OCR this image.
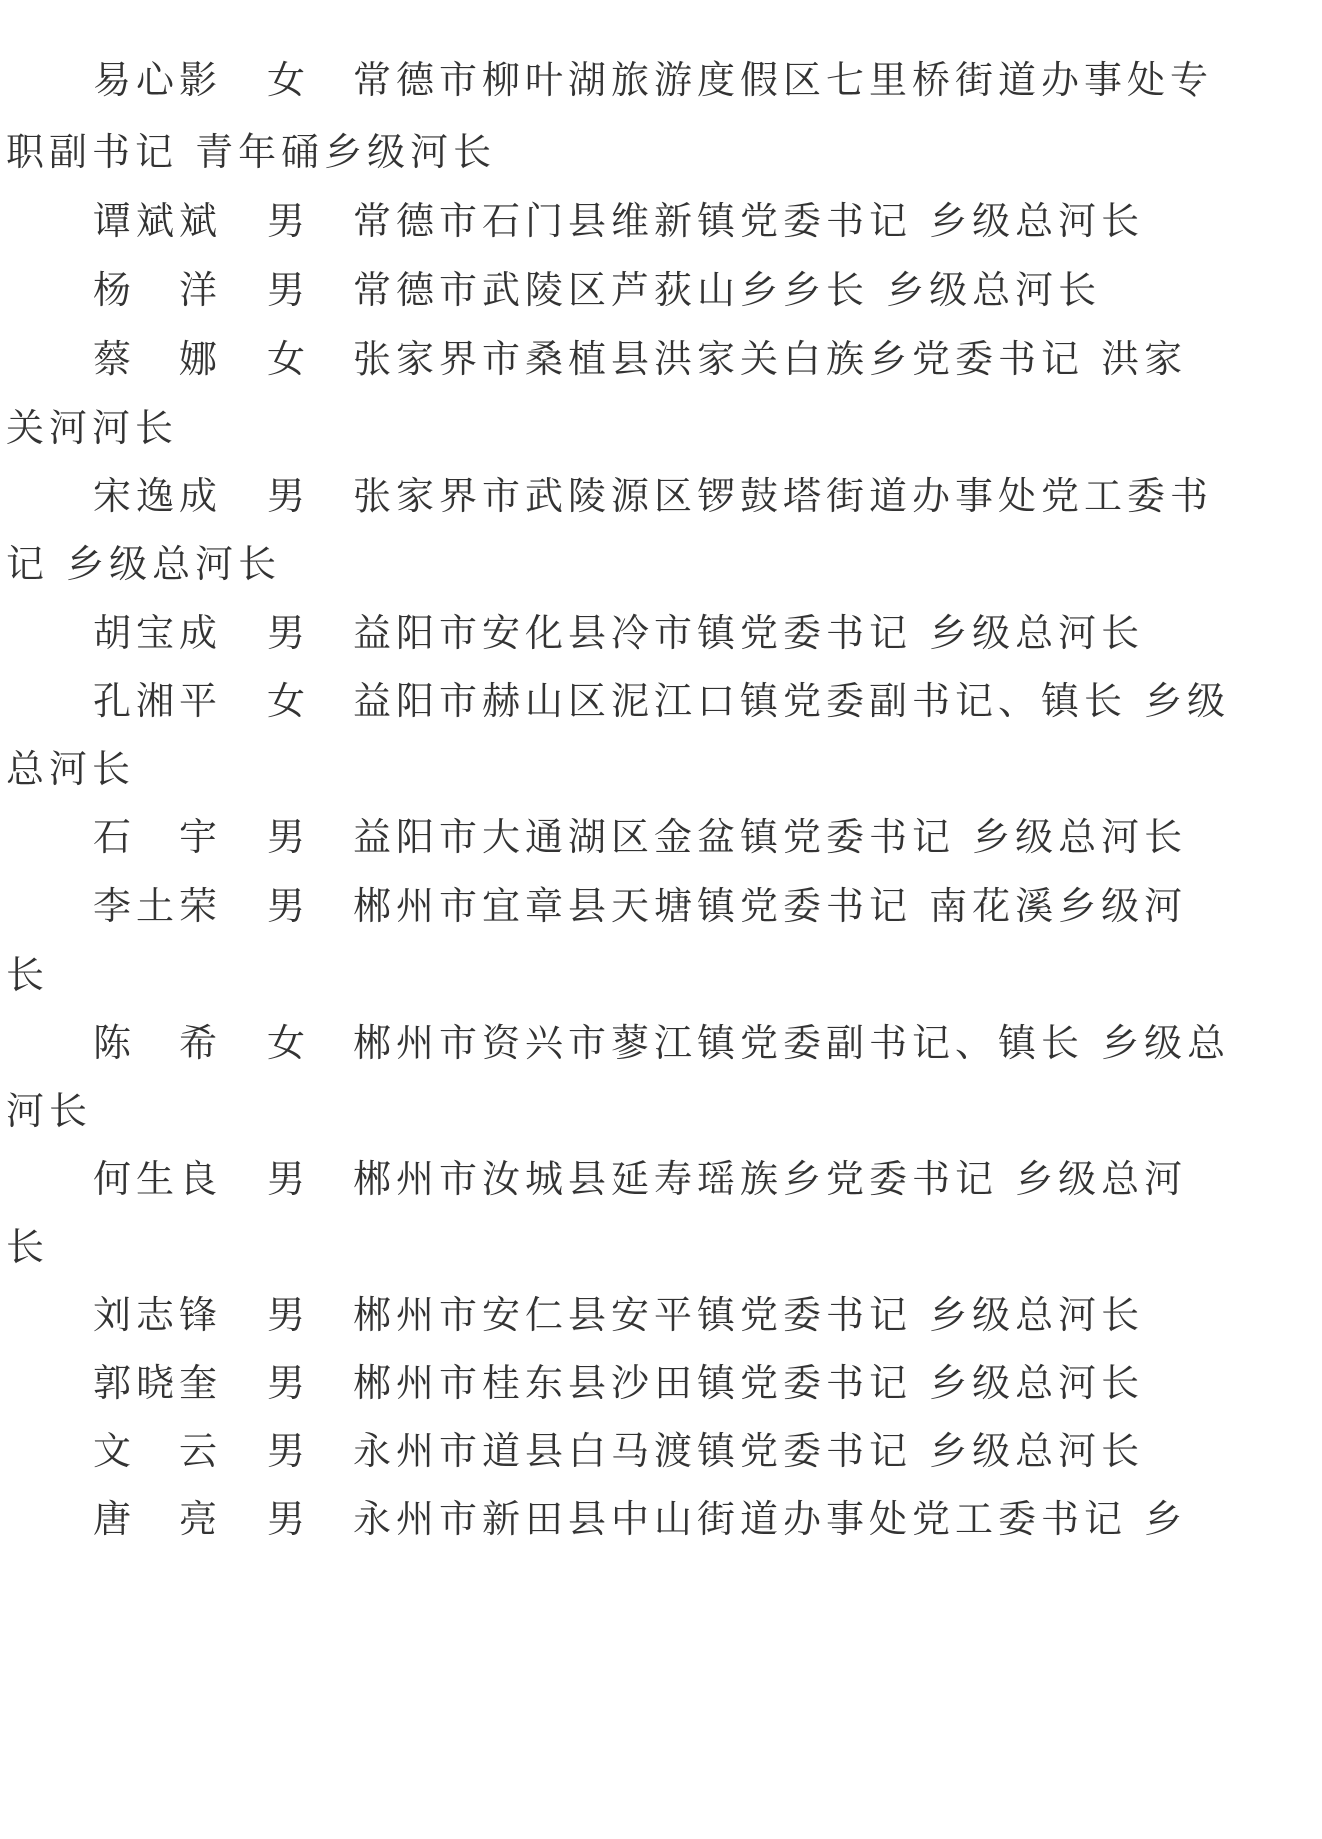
易心影 女 常德市柳叶湖旅游度假区七里桥街道办事处专
职副书记 青年硧乡级河长
谭斌斌 男 常德市石门县维新镇党委书记 乡级总河长
杨　洋 男 常德市武陵区芦荻山乡乡长 乡级总河长
蔡　娜 女 张家界市桑植县洪家关白族乡党委书记 洪家
关河河长
宋逸成 男 张家界市武陵源区锣鼓塔街道办事处党工委书
记 乡级总河长
胡宝成 男 益阳市安化县冷市镇党委书记 乡级总河长
孔湘平 女 益阳市赫山区泥江口镇党委副书记、镇长 乡级
总河长
石　宇 男 益阳市大通湖区金盆镇党委书记 乡级总河长
李土荣 男 郴州市宜章县天塘镇党委书记 南花溪乡级河
长
陈　希 女 郴州市资兴市蓼江镇党委副书记、镇长 乡级总
河长
何生良 男 郴州市汝城县延寿瑶族乡党委书记 乡级总河
长
刘志锋 男 郴州市安仁县安平镇党委书记 乡级总河长
郭晓奎 男 郴州市桂东县沙田镇党委书记 乡级总河长
文　云 男 永州市道县白马渡镇党委书记 乡级总河长
唐　亮 男 永州市新田县中山街道办事处党工委书记 乡
